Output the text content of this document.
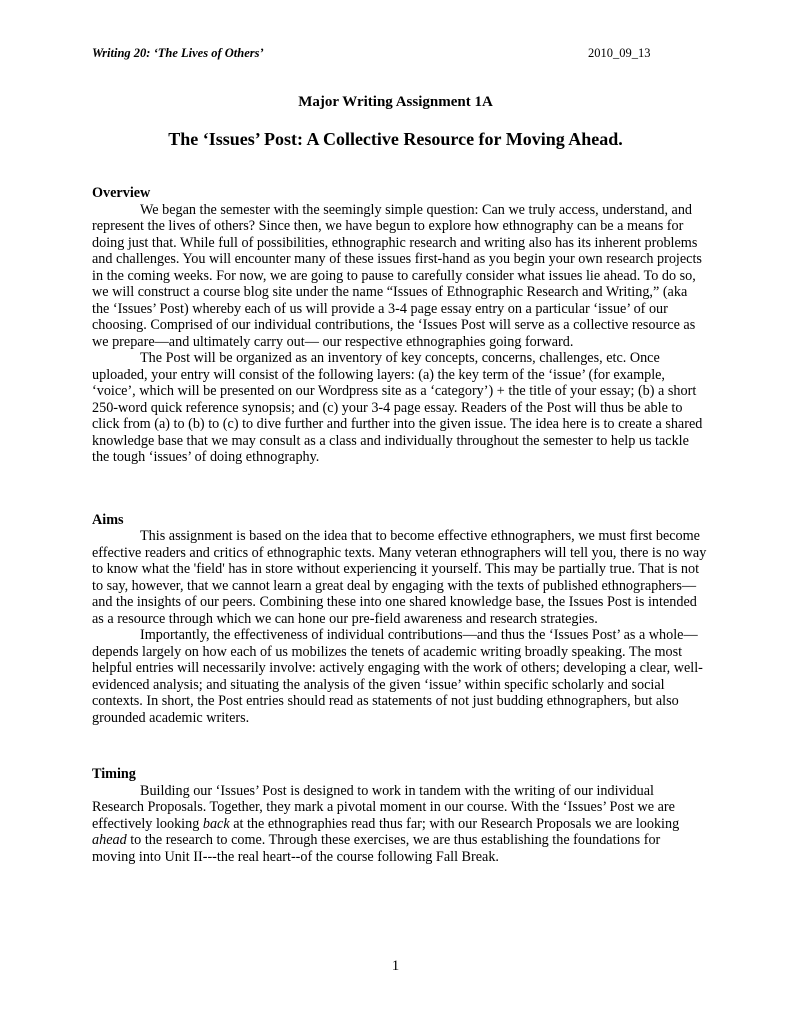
Writing 20: ‘The Lives of Others’	2010_09_13
Major Writing Assignment 1A
The ‘Issues’ Post: A Collective Resource for Moving Ahead.
Overview

We began the semester with the seemingly simple question: Can we truly access, understand, and represent the lives of others? Since then, we have begun to explore how ethnography can be a means for doing just that. While full of possibilities, ethnographic research and writing also has its inherent problems and challenges. You will encounter many of these issues first-hand as you begin your own research projects in the coming weeks. For now, we are going to pause to carefully consider what issues lie ahead. To do so, we will construct a course blog site under the name “Issues of Ethnographic Research and Writing,” (aka the ‘Issues’ Post) whereby each of us will provide a 3-4 page essay entry on a particular ‘issue’ of our choosing. Comprised of our individual contributions, the ‘Issues Post will serve as a collective resource as we prepare—and ultimately carry out— our respective ethnographies going forward.

The Post will be organized as an inventory of key concepts, concerns, challenges, etc. Once uploaded, your entry will consist of the following layers: (a) the key term of the ‘issue’ (for example, ‘voice’, which will be presented on our Wordpress site as a ‘category’) + the title of your essay; (b) a short 250-word quick reference synopsis; and (c) your 3-4 page essay. Readers of the Post will thus be able to click from (a) to (b) to (c) to dive further and further into the given issue. The idea here is to create a shared knowledge base that we may consult as a class and individually throughout the semester to help us tackle the tough ‘issues’ of doing ethnography.

Aims

This assignment is based on the idea that to become effective ethnographers, we must first become effective readers and critics of ethnographic texts. Many veteran ethnographers will tell you, there is no way to know what the 'field' has in store without experiencing it yourself. This may be partially true. That is not to say, however, that we cannot learn a great deal by engaging with the texts of published ethnographers—and the insights of our peers. Combining these into one shared knowledge base, the Issues Post is intended as a resource through which we can hone our pre-field awareness and research strategies.

Importantly, the effectiveness of individual contributions—and thus the ‘Issues Post’ as a whole—depends largely on how each of us mobilizes the tenets of academic writing broadly speaking. The most helpful entries will necessarily involve: actively engaging with the work of others; developing a clear, well-evidenced analysis; and situating the analysis of the given ‘issue’ within specific scholarly and social contexts. In short, the Post entries should read as statements of not just budding ethnographers, but also grounded academic writers.

Timing

Building our ‘Issues’ Post is designed to work in tandem with the writing of our individual Research Proposals. Together, they mark a pivotal moment in our course. With the ‘Issues’ Post we are effectively looking back at the ethnographies read thus far; with our Research Proposals we are looking ahead to the research to come. Through these exercises, we are thus establishing the foundations for moving into Unit II---the real heart--of the course following Fall Break.

1
